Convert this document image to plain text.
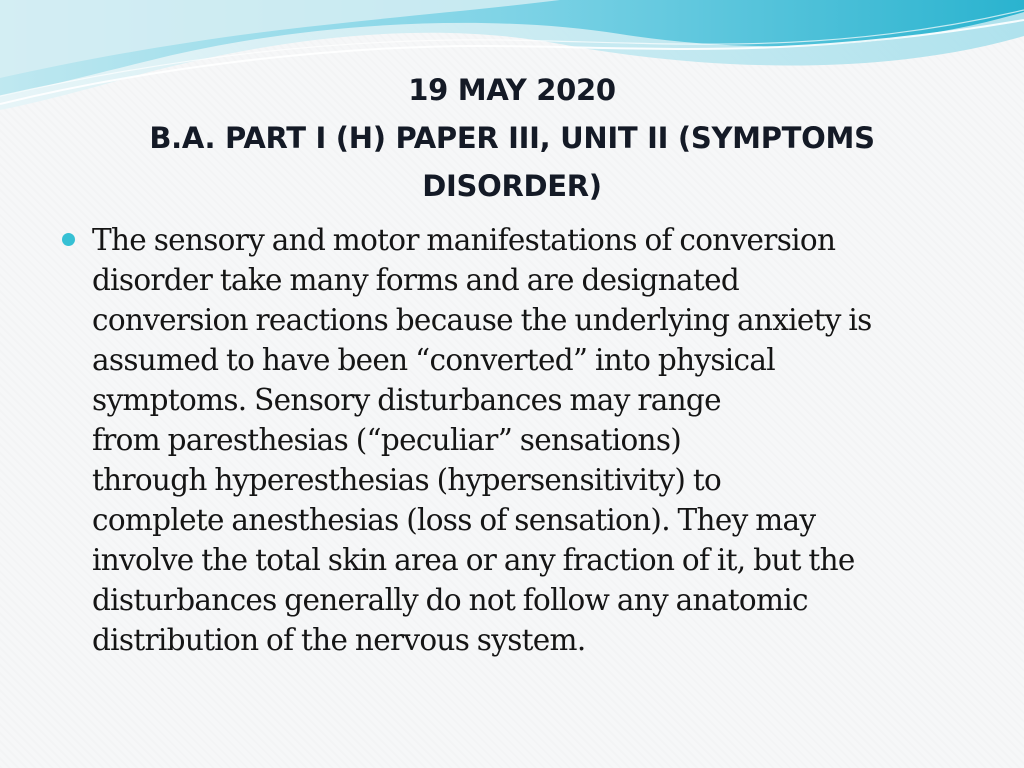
19 MAY 2020
B.A. PART I (H) PAPER III, UNIT II (SYMPTOMS
DISORDER)
The sensory and motor manifestations of conversion
disorder take many forms and are designated
conversion reactions because the underlying anxiety is
assumed to have been “converted” into physical
symptoms. Sensory disturbances may range
from paresthesias (“peculiar” sensations)
through hyperesthesias (hypersensitivity) to
complete anesthesias (loss of sensation). They may
involve the total skin area or any fraction of it, but the
disturbances generally do not follow any anatomic
distribution of the nervous system.
